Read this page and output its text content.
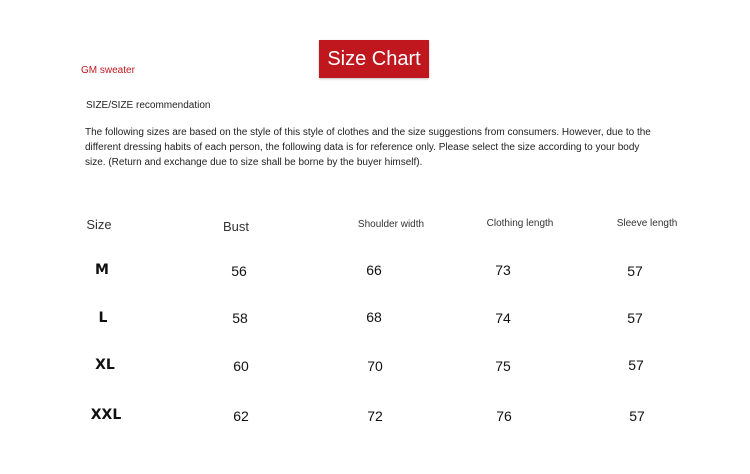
GM sweater
Size Chart
SIZE/SIZE recommendation
The following sizes are based on the style of this style of clothes and the size suggestions from consumers. However, due to the different dressing habits of each person, the following data is for reference only. Please select the size according to your body size. (Return and exchange due to size shall be borne by the buyer himself).
Size	Bust	Shoulder width	Clothing length	Sleeve length
M	56	66	73	57
L	58	68	74	57
XL	60	70	75	57
XXL	62	72	76	57
